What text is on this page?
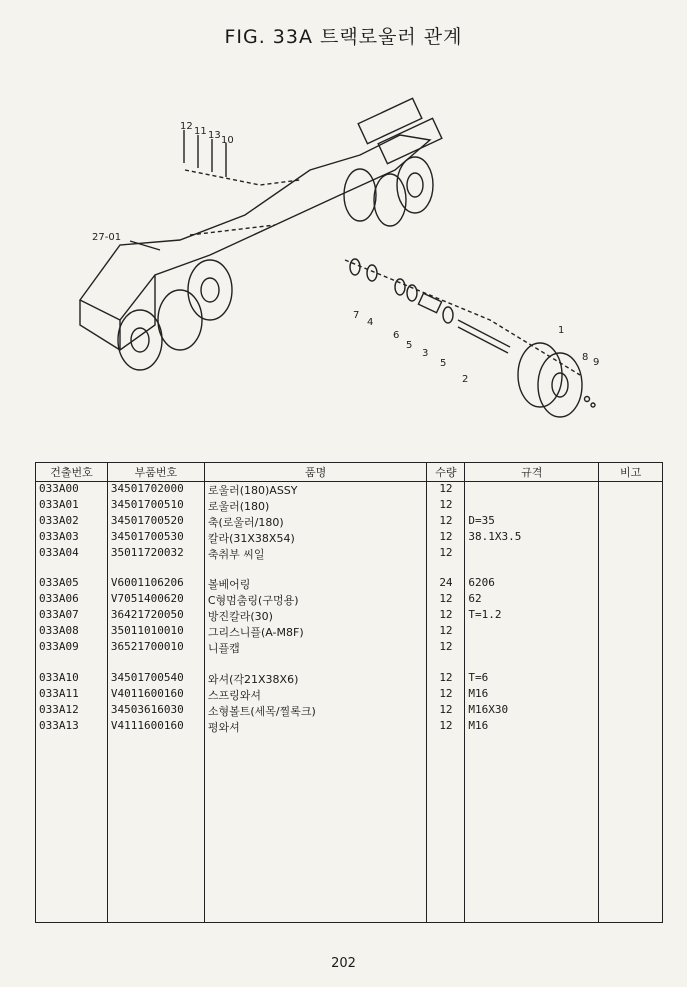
FIG. 33A 트랙로울러 관계
12 11 13 10
27-01
7
4
6
5
3
5
2
1
8 9
건출번호	부품번호	품명	수량	규격	비고
033A00	34501702000	로울러(180)ASSY	12		
033A01	34501700510	로울러(180)	12		
033A02	34501700520	축(로울러/180)	12	D=35	
033A03	34501700530	칼라(31X38X54)	12	38.1X3.5	
033A04	35011720032	축취부 씨일	12		

033A05	V6001106206	볼베어링	24	6206	
033A06	V7051400620	C형멈춤링(구멍용)	12	62	
033A07	36421720050	방진칼라(30)	12	T=1.2	
033A08	35011010010	그리스니플(A-M8F)	12		
033A09	36521700010	니플캡	12		

033A10	34501700540	와셔(각21X38X6)	12	T=6	
033A11	V4011600160	스프링와셔	12	M16	
033A12	34503616030	소형볼트(세목/찔록크)	12	M16X30	
033A13	V4111600160	평와셔	12	M16	

202
